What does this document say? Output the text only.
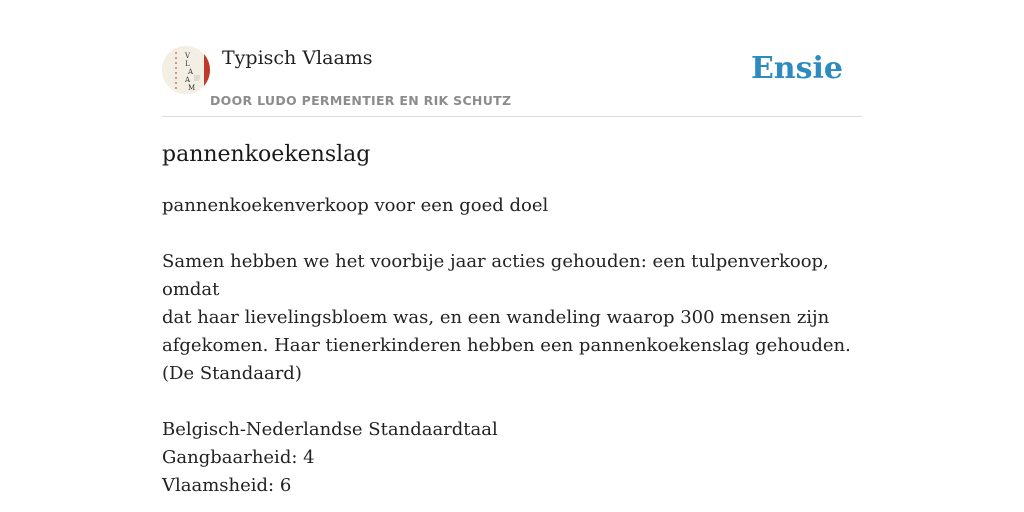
V
L
A
A
M
Typisch Vlaams
DOOR LUDO PERMENTIER EN RIK SCHUTZ
Ensie
pannenkoekenslag

pannenkoekenverkoop voor een goed doel

Samen hebben we het voorbije jaar acties gehouden: een tulpenverkoop, omdat

dat haar lievelingsbloem was, en een wandeling waarop 300 mensen zijn

afgekomen. Haar tienerkinderen hebben een pannenkoekenslag gehouden.

(De Standaard)

Belgisch-Nederlandse Standaardtaal

Gangbaarheid: 4

Vlaamsheid: 6
